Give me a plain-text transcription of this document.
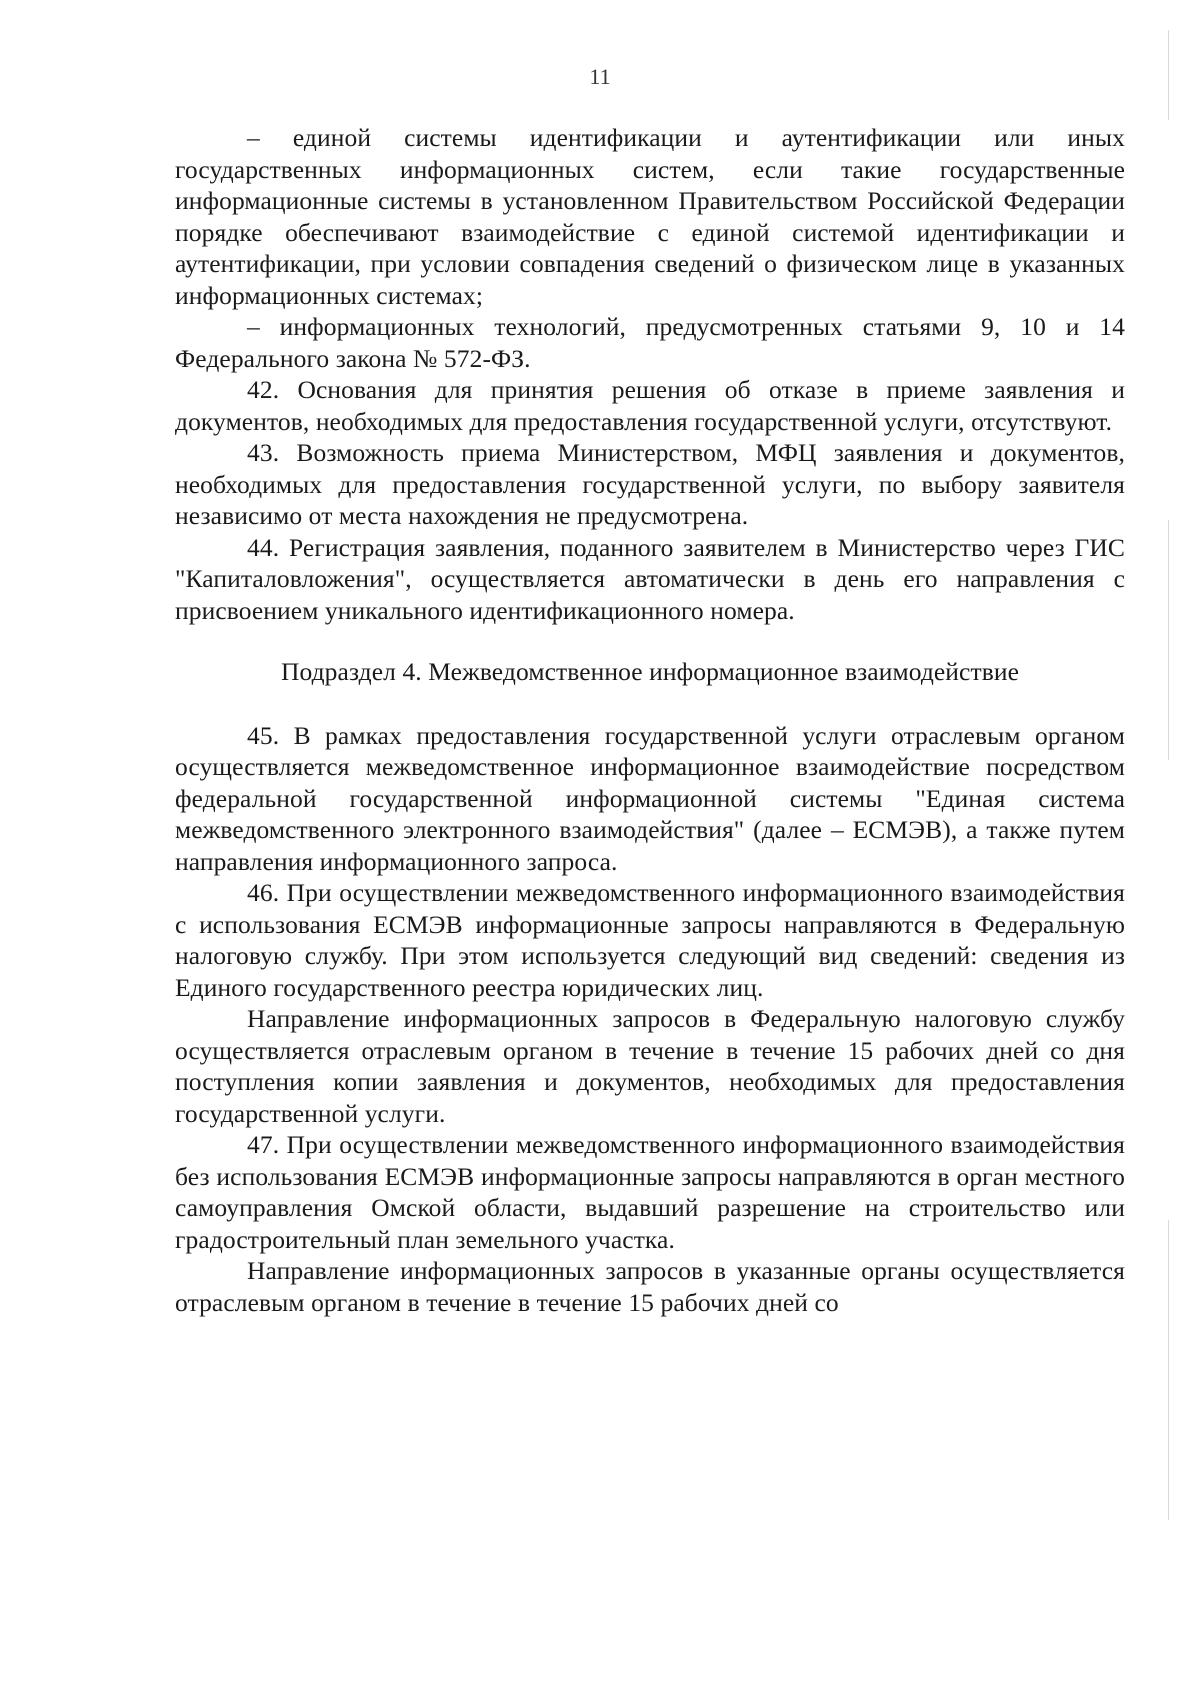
11

– единой системы идентификации и аутентификации или иных государственных информационных систем, если такие государственные информационные системы в установленном Правительством Российской Федерации порядке обеспечивают взаимодействие с единой системой идентификации и аутентификации, при условии совпадения сведений о физическом лице в указанных информационных системах;

– информационных технологий, предусмотренных статьями 9, 10 и 14 Федерального закона № 572-ФЗ.

42. Основания для принятия решения об отказе в приеме заявления и документов, необходимых для предоставления государственной услуги, отсутствуют.

43. Возможность приема Министерством, МФЦ заявления и документов, необходимых для предоставления государственной услуги, по выбору заявителя независимо от места нахождения не предусмотрена.

44. Регистрация заявления, поданного заявителем в Министерство через ГИС "Капиталовложения", осуществляется автоматически в день его направления с присвоением уникального идентификационного номера.

Подраздел 4. Межведомственное информационное взаимодействие

45. В рамках предоставления государственной услуги отраслевым органом осуществляется межведомственное информационное взаимодействие посредством федеральной государственной информационной системы "Единая система межведомственного электронного взаимодействия" (далее – ЕСМЭВ), а также путем направления информационного запроса.

46. При осуществлении межведомственного информационного взаимодействия с использования ЕСМЭВ информационные запросы направляются в Федеральную налоговую службу. При этом используется следующий вид сведений: сведения из Единого государственного реестра юридических лиц.

Направление информационных запросов в Федеральную налоговую службу осуществляется отраслевым органом в течение в течение 15 рабочих дней со дня поступления копии заявления и документов, необходимых для предоставления государственной услуги.

47. При осуществлении межведомственного информационного взаимодействия без использования ЕСМЭВ информационные запросы направляются в орган местного самоуправления Омской области, выдавший разрешение на строительство или градостроительный план земельного участка.

Направление информационных запросов в указанные органы осуществляется отраслевым органом в течение в течение 15 рабочих дней со
